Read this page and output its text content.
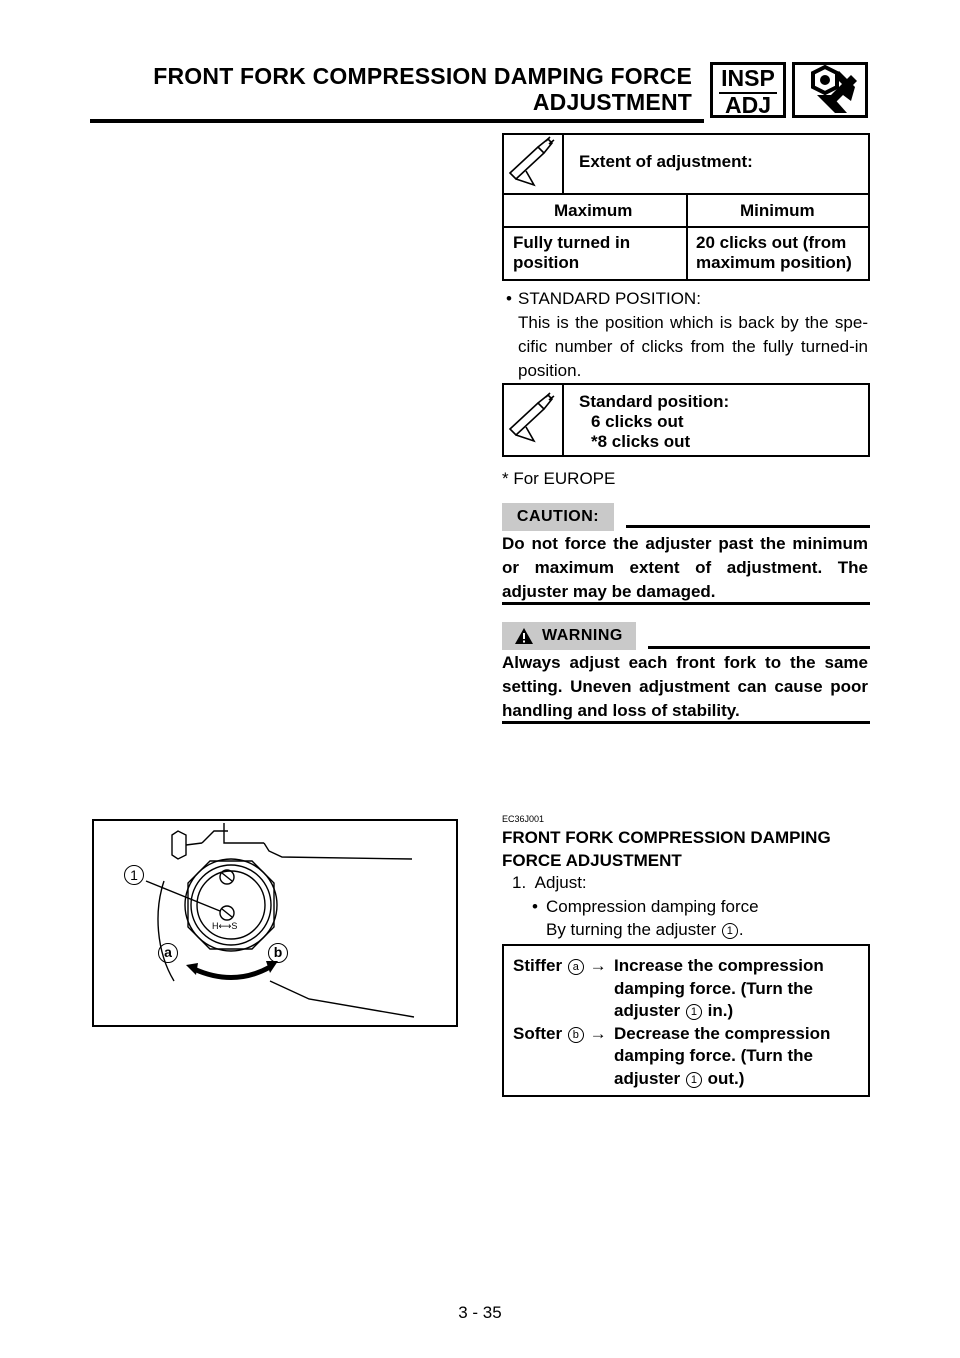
FRONT FORK COMPRESSION DAMPING FORCE
ADJUSTMENT
INSP
ADJ
Extent of adjustment:
Maximum	Minimum
Fully turned in
position
20 clicks out (from
maximum position)
• STANDARD POSITION:
This is the position which is back by the spe-
cific number of clicks from the fully turned-in
position.
Standard position:
6 clicks out
*8 clicks out
* For EUROPE
CAUTION:
Do not force the adjuster past the minimum
or maximum extent of adjustment. The
adjuster may be damaged.
WARNING
Always adjust each front fork to the same
setting. Uneven adjustment can cause poor
handling and loss of stability.
EC36J001
FRONT FORK COMPRESSION DAMPING
FORCE ADJUSTMENT
1.  Adjust:
• Compression damping force
By turning the adjuster 1 .
1
a	b
H⟷S
Stiffer a → Increase the compression
damping force. (Turn the
adjuster 1 in.)
Softer b → Decrease the compression
damping force. (Turn the
adjuster 1 out.)
3 - 35
